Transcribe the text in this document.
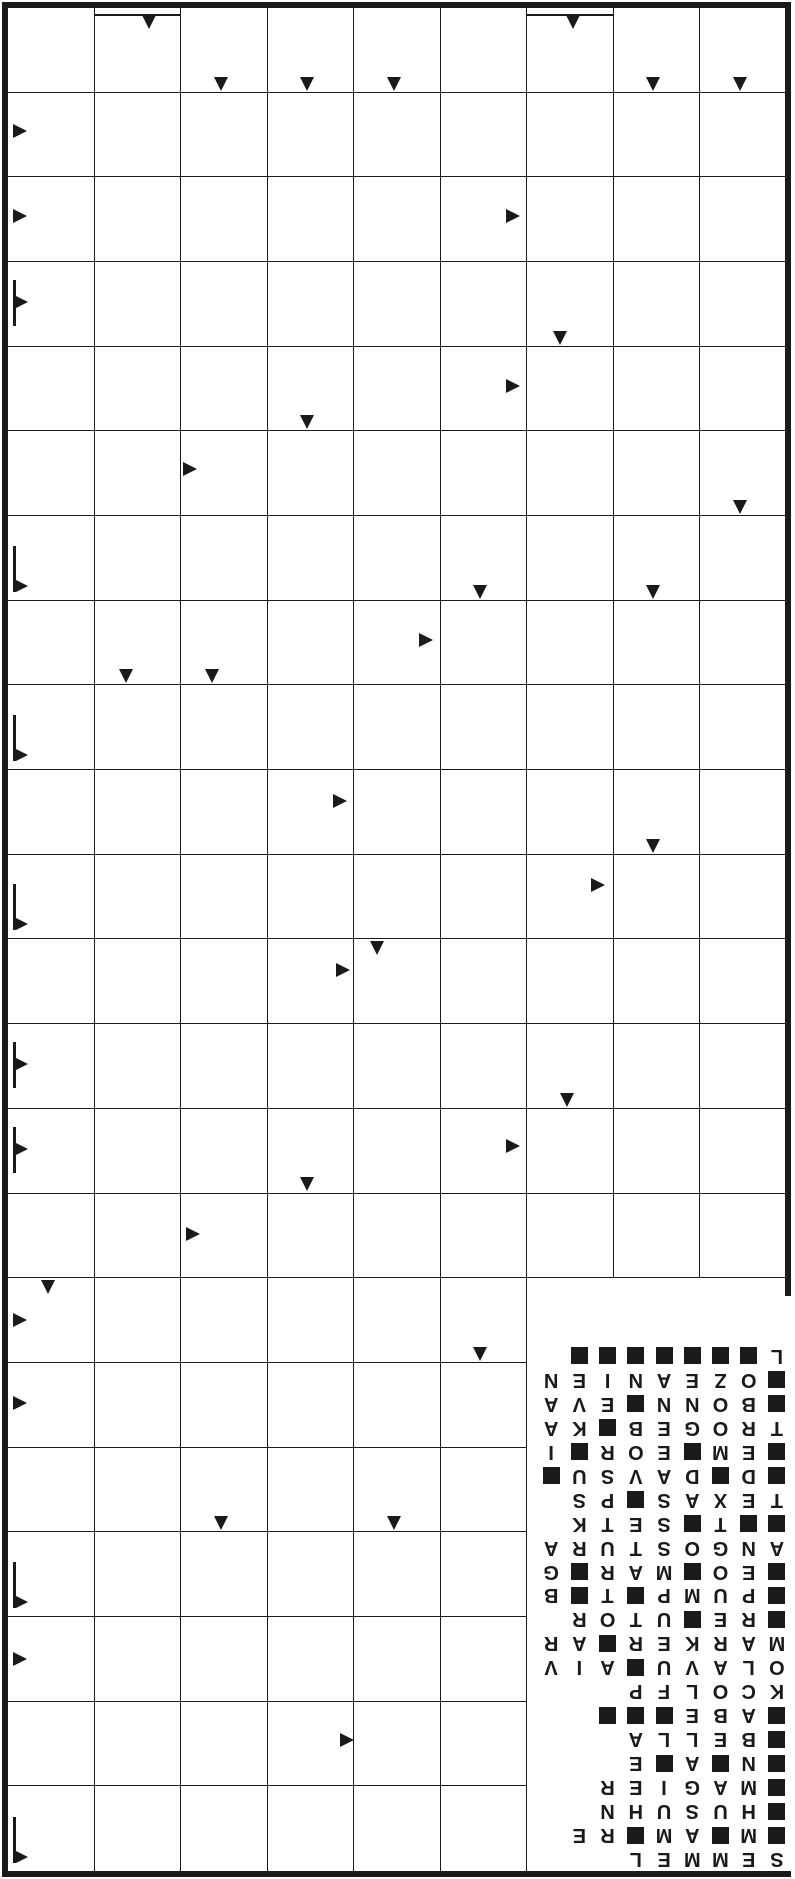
S
E
M
M
E
L
M
A
M
R
E
H
U
S
U
H
N
M
A
G
I
E
R
N
A
E
B
E
L
L
A
A
B
E
K
C
O
L
F
P
O
L
A
V
U
A
I
V
M
A
R
K
E
R
A
R
R
E
U
T
O
R
P
U
M
P
T
B
E
O
M
A
R
G
A
N
G
O
S
T
U
R
A
T
S
E
T
K
T
E
X
A
S
P
S
D
D
A
V
S
U
E
M
E
O
R
I
T
R
O
G
E
B
K
A
B
O
N
N
E
V
A
O
Z
E
A
N
I
E
N
L
